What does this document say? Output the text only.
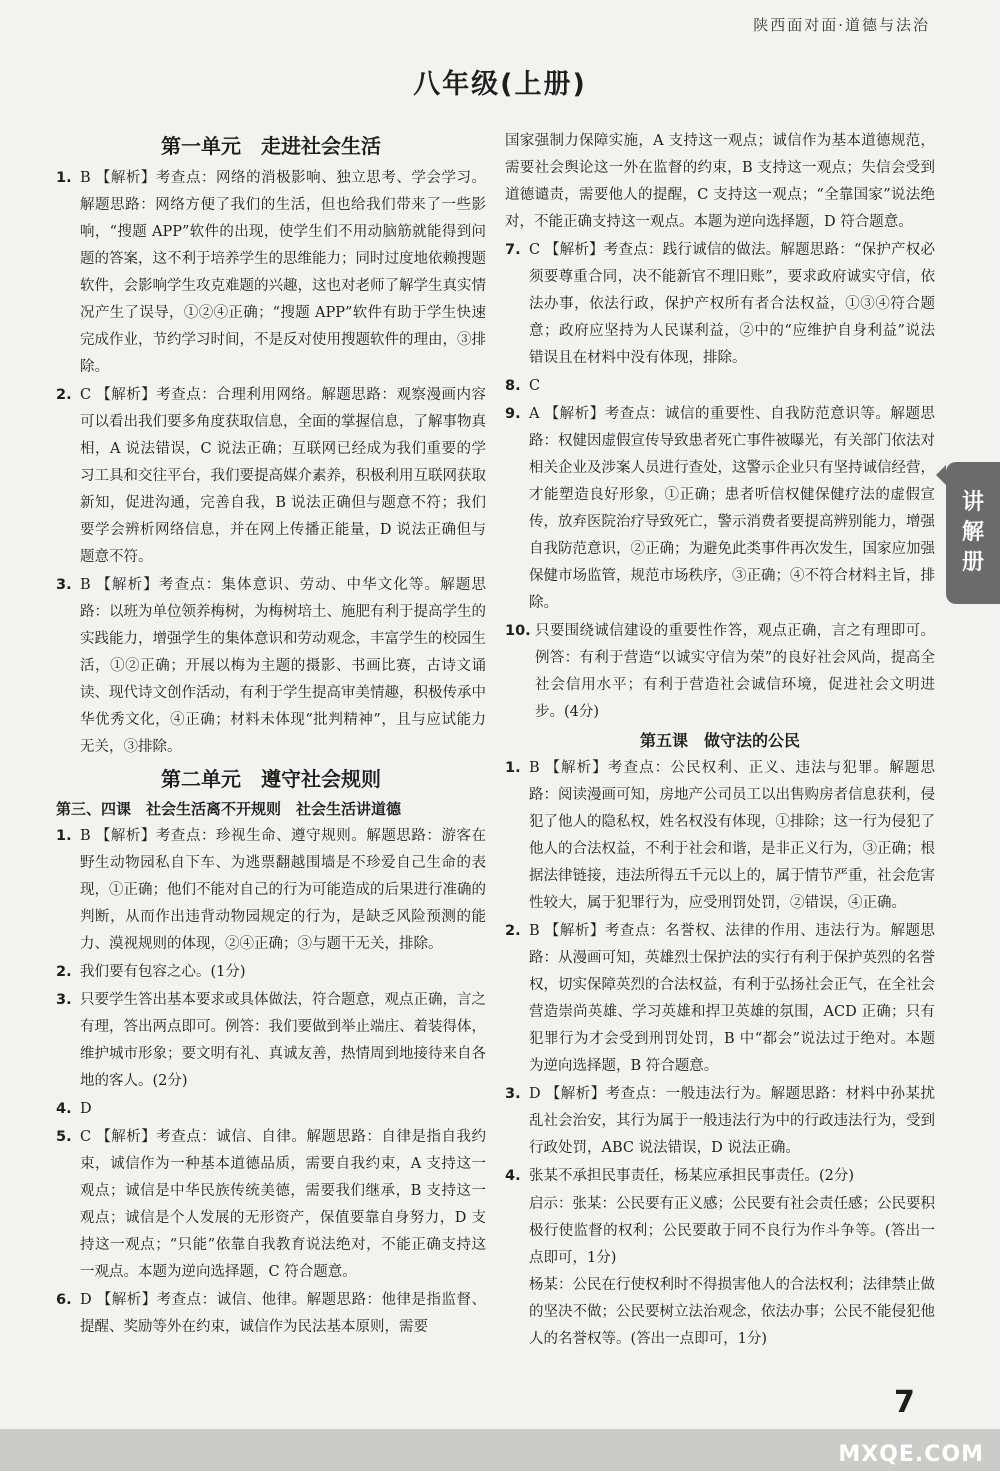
陕西面对面·道德与法治
八年级(上册)
第一单元　走进社会生活
1. B 【解析】考查点：网络的消极影响、独立思考、学会学习。解题思路：网络方便了我们的生活，但也给我们带来了一些影响，“搜题 APP”软件的出现，使学生们不用动脑筋就能得到问题的答案，这不利于培养学生的思维能力；同时过度地依赖搜题软件，会影响学生攻克难题的兴趣，这也对老师了解学生真实情况产生了误导，①②④正确；“搜题 APP”软件有助于学生快速完成作业，节约学习时间，不是反对使用搜题软件的理由，③排除。
2. C 【解析】考查点：合理利用网络。解题思路：观察漫画内容可以看出我们要多角度获取信息，全面的掌握信息，了解事物真相，A 说法错误，C 说法正确；互联网已经成为我们重要的学习工具和交往平台，我们要提高媒介素养，积极利用互联网获取新知，促进沟通，完善自我，B 说法正确但与题意不符；我们要学会辨析网络信息，并在网上传播正能量，D 说法正确但与题意不符。
3. B 【解析】考查点：集体意识、劳动、中华文化等。解题思路：以班为单位领养梅树，为梅树培土、施肥有利于提高学生的实践能力，增强学生的集体意识和劳动观念，丰富学生的校园生活，①②正确；开展以梅为主题的摄影、书画比赛，古诗文诵读、现代诗文创作活动，有利于学生提高审美情趣，积极传承中华优秀文化，④正确；材料未体现“批判精神”，且与应试能力无关，③排除。
第二单元　遵守社会规则
第三、四课　社会生活离不开规则　社会生活讲道德
1. B 【解析】考查点：珍视生命、遵守规则。解题思路：游客在野生动物园私自下车、为逃票翻越围墙是不珍爱自己生命的表现，①正确；他们不能对自己的行为可能造成的后果进行准确的判断，从而作出违背动物园规定的行为，是缺乏风险预测的能力、漠视规则的体现，②④正确；③与题干无关，排除。
2. 我们要有包容之心。(1分)
3. 只要学生答出基本要求或具体做法，符合题意，观点正确，言之有理，答出两点即可。例答：我们要做到举止端庄、着装得体，维护城市形象；要文明有礼、真诚友善，热情周到地接待来自各地的客人。(2分)
4. D
5. C 【解析】考查点：诚信、自律。解题思路：自律是指自我约束，诚信作为一种基本道德品质，需要自我约束，A 支持这一观点；诚信是中华民族传统美德，需要我们继承，B 支持这一观点；诚信是个人发展的无形资产，保值要靠自身努力，D 支持这一观点；“只能”依靠自我教育说法绝对，不能正确支持这一观点。本题为逆向选择题，C 符合题意。
6. D 【解析】考查点：诚信、他律。解题思路：他律是指监督、提醒、奖励等外在约束，诚信作为民法基本原则，需要
国家强制力保障实施，A 支持这一观点；诚信作为基本道德规范，需要社会舆论这一外在监督的约束，B 支持这一观点；失信会受到道德谴责，需要他人的提醒，C 支持这一观点；“全靠国家”说法绝对，不能正确支持这一观点。本题为逆向选择题，D 符合题意。
7. C 【解析】考查点：践行诚信的做法。解题思路：“保护产权必须要尊重合同，决不能新官不理旧账”，要求政府诚实守信，依法办事，依法行政，保护产权所有者合法权益，①③④符合题意；政府应坚持为人民谋利益，②中的“应维护自身利益”说法错误且在材料中没有体现，排除。
8. C
9. A 【解析】考查点：诚信的重要性、自我防范意识等。解题思路：权健因虚假宣传导致患者死亡事件被曝光，有关部门依法对相关企业及涉案人员进行查处，这警示企业只有坚持诚信经营，才能塑造良好形象，①正确；患者听信权健保健疗法的虚假宣传，放弃医院治疗导致死亡，警示消费者要提高辨别能力，增强自我防范意识，②正确；为避免此类事件再次发生，国家应加强保健市场监管，规范市场秩序，③正确；④不符合材料主旨，排除。
10. 只要围绕诚信建设的重要性作答，观点正确，言之有理即可。例答：有利于营造“以诚实守信为荣”的良好社会风尚，提高全社会信用水平；有利于营造社会诚信环境，促进社会文明进步。(4分)
第五课　做守法的公民
1. B 【解析】考查点：公民权利、正义、违法与犯罪。解题思路：阅读漫画可知，房地产公司员工以出售购房者信息获利，侵犯了他人的隐私权，姓名权没有体现，①排除；这一行为侵犯了他人的合法权益，不利于社会和谐，是非正义行为，③正确；根据法律链接，违法所得五千元以上的，属于情节严重，社会危害性较大，属于犯罪行为，应受刑罚处罚，②错误，④正确。
2. B 【解析】考查点：名誉权、法律的作用、违法行为。解题思路：从漫画可知，英雄烈士保护法的实行有利于保护英烈的名誉权，切实保障英烈的合法权益，有利于弘扬社会正气，在全社会营造崇尚英雄、学习英雄和捍卫英雄的氛围，ACD 正确；只有犯罪行为才会受到刑罚处罚，B 中“都会”说法过于绝对。本题为逆向选择题，B 符合题意。
3. D 【解析】考查点：一般违法行为。解题思路：材料中孙某扰乱社会治安，其行为属于一般违法行为中的行政违法行为，受到行政处罚，ABC 说法错误，D 说法正确。
4. 张某不承担民事责任，杨某应承担民事责任。(2分)
启示：张某：公民要有正义感；公民要有社会责任感；公民要积极行使监督的权利；公民要敢于同不良行为作斗争等。(答出一点即可，1分)
杨某：公民在行使权利时不得损害他人的合法权利；法律禁止做的坚决不做；公民要树立法治观念，依法办事；公民不能侵犯他人的名誉权等。(答出一点即可，1分)
讲
解
册
7
MXQE.COM
